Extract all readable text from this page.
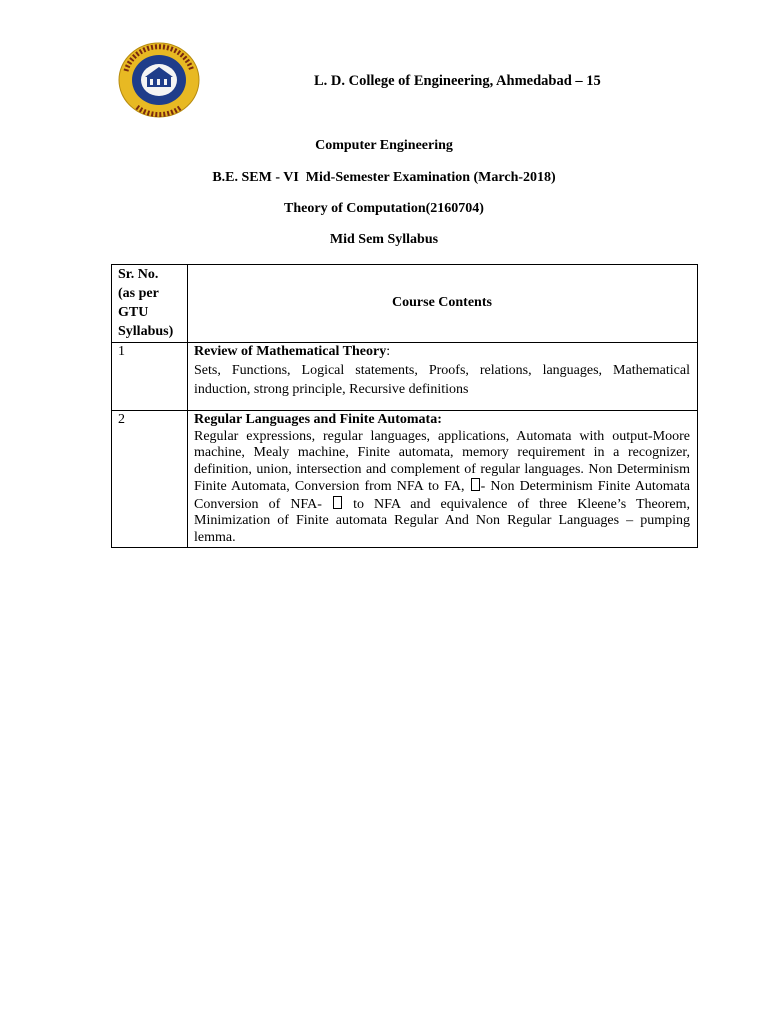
L. D. College of Engineering, Ahmedabad – 15
Computer Engineering
B.E. SEM - VI  Mid-Semester Examination (March-2018)
Theory of Computation(2160704)
Mid Sem Syllabus
Sr. No.
(as per
GTU
Syllabus)	Course Contents

1	Review of Mathematical Theory:
Sets, Functions, Logical statements, Proofs, relations, languages, Mathematical induction, strong principle, Recursive definitions

2	Regular Languages and Finite Automata:
Regular expressions, regular languages, applications, Automata with output-Moore machine, Mealy machine, Finite automata, memory requirement in a recognizer, definition, union, intersection and complement of regular languages. Non Determinism Finite Automata, Conversion from NFA to FA, - Non Determinism Finite Automata Conversion of NFA-  to NFA and equivalence of three Kleene’s Theorem, Minimization of Finite automata Regular And Non Regular Languages – pumping lemma.
